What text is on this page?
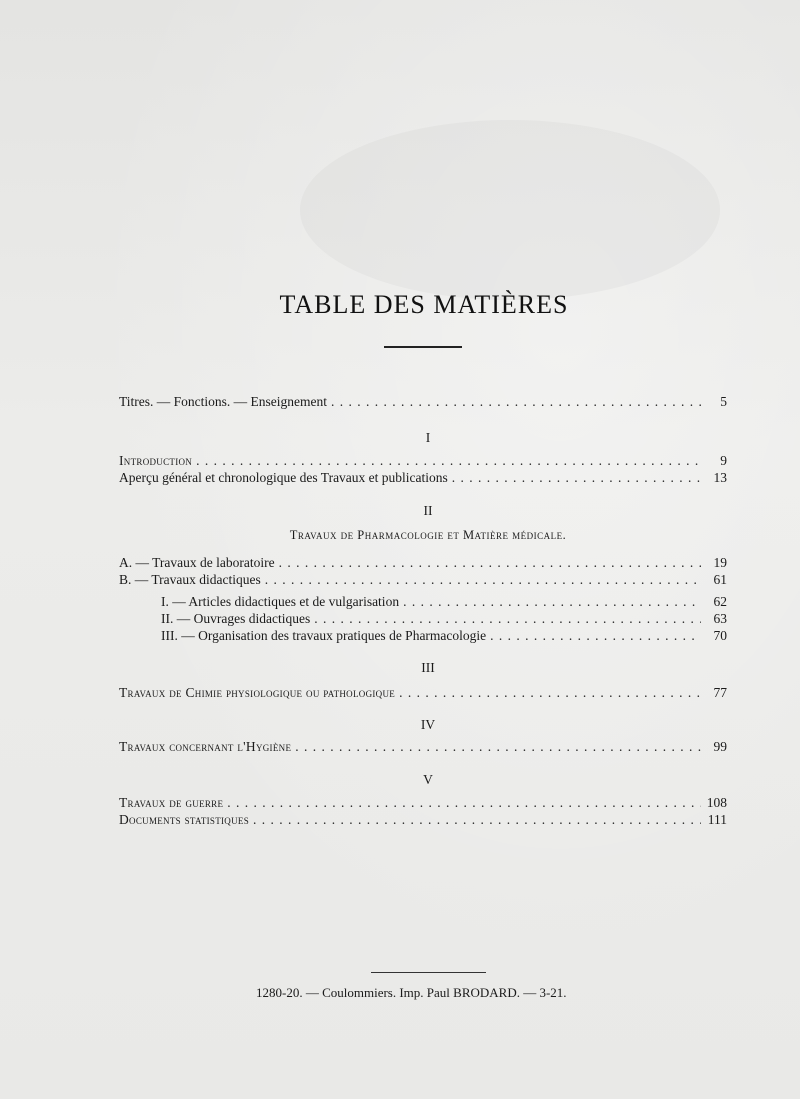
TABLE DES MATIÈRES
Titres. — Fonctions. — Enseignement . . .	5
I
Introduction . . .	9
Aperçu général et chronologique des Travaux et publications . . .	13
II
Travaux de Pharmacologie et Matière médicale.
A. — Travaux de laboratoire . . .	19
B. — Travaux didactiques . . .	61
I. — Articles didactiques et de vulgarisation . . .	62
II. — Ouvrages didactiques . . .	63
III. — Organisation des travaux pratiques de Pharmacologie . . .	70
III
Travaux de Chimie physiologique ou pathologique . . .	77
IV
Travaux concernant l'Hygiène . . .	99
V
Travaux de guerre . . .	108
Documents statistiques . . .	111
1280-20. — Coulommiers. Imp. Paul BRODARD. — 3-21.
